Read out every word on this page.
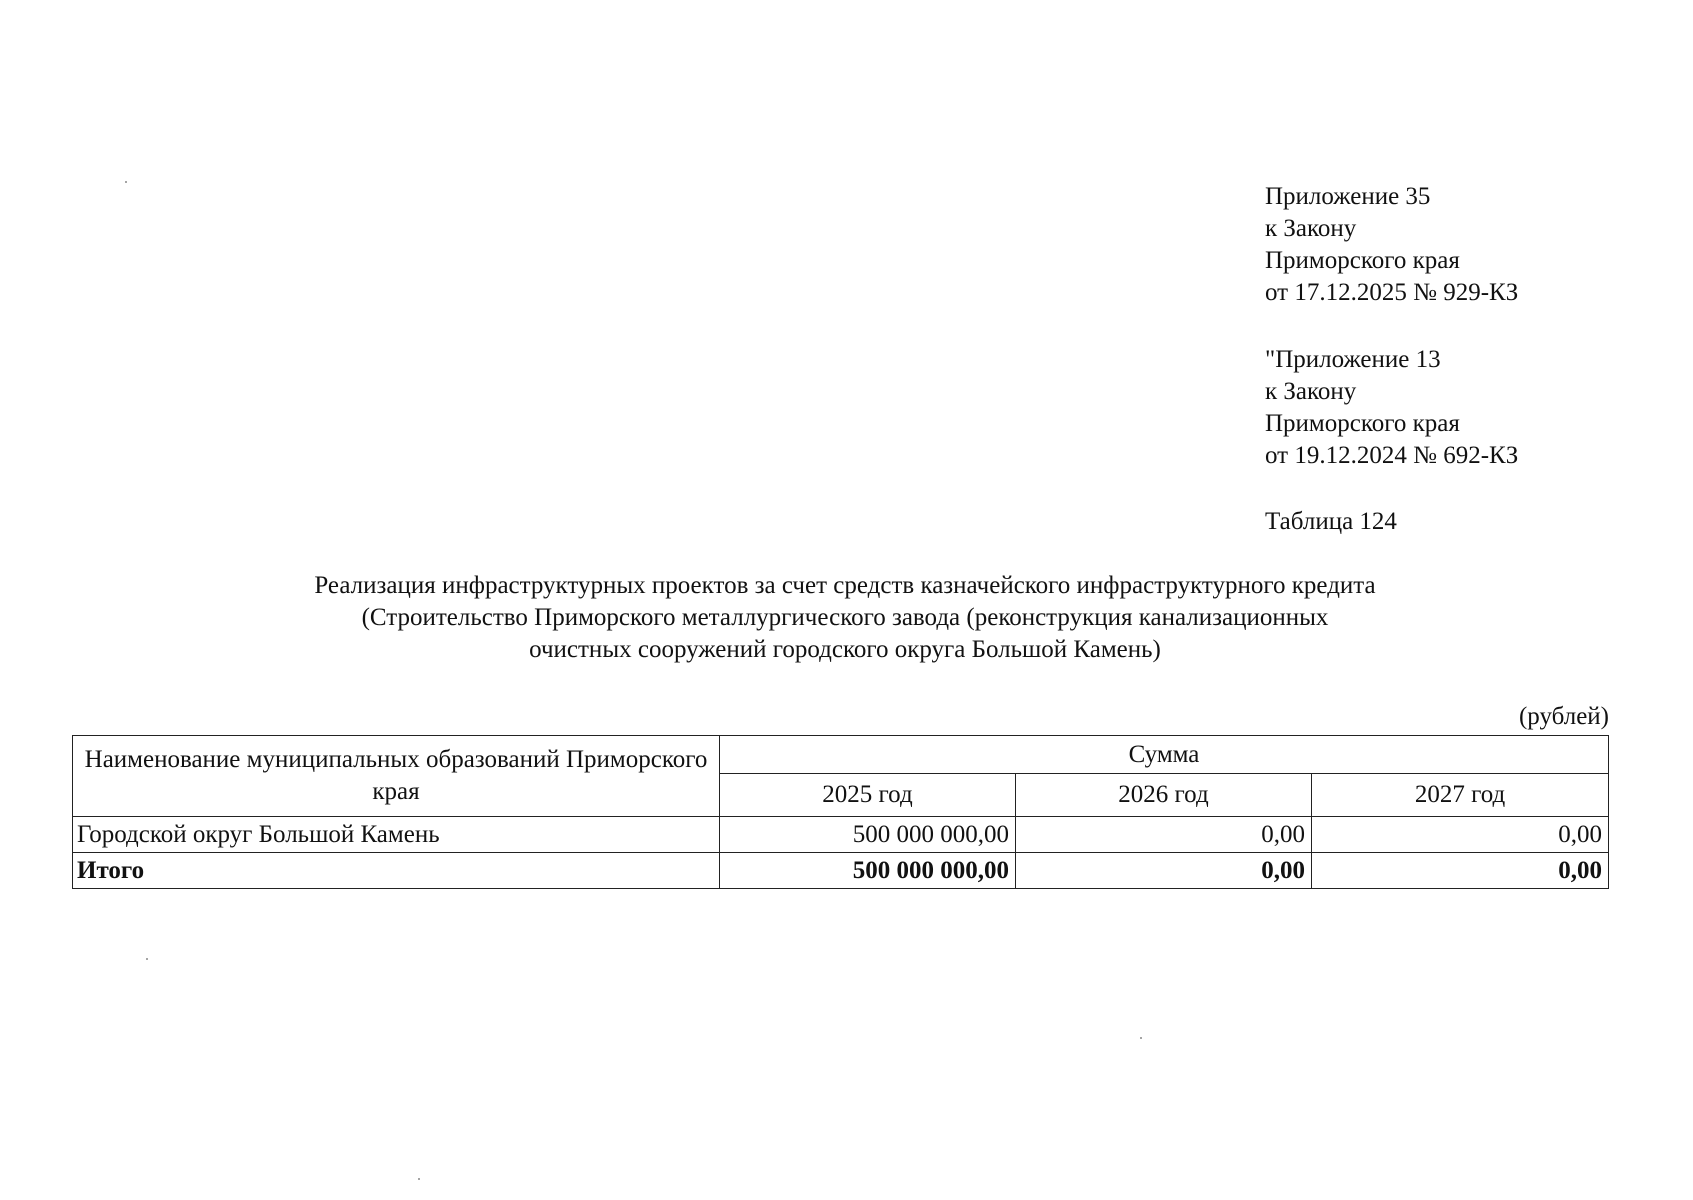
Приложение 35
к Закону
Приморского края
от 17.12.2025 № 929-КЗ
"Приложение 13
к Закону
Приморского края
от 19.12.2024 № 692-КЗ
Таблица 124
Реализация инфраструктурных проектов за счет средств казначейского инфраструктурного кредита
(Строительство Приморского металлургического завода (реконструкция канализационных
очистных сооружений городского округа Большой Камень)
(рублей)
Наименование муниципальных образований Приморского края	Сумма		
	2025 год	2026 год	2027 год
Городской округ Большой Камень	500 000 000,00	0,00	0,00
Итого	500 000 000,00	0,00	0,00
